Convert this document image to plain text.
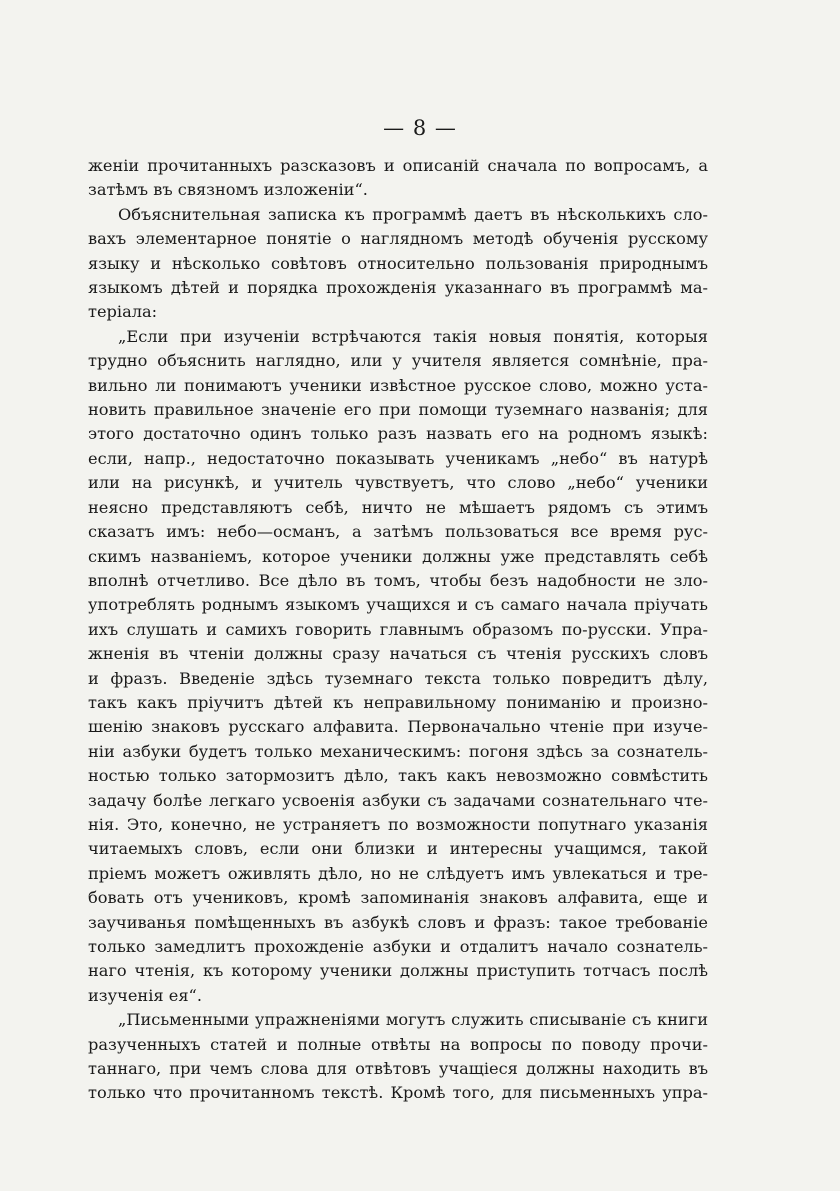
— 8 —

женіи прочитанныхъ разсказовъ и описаній сначала по вопросамъ, а
затѣмъ въ связномъ изложеніи“.

Объяснительная записка къ программѣ даетъ въ нѣсколькихъ сло-
вахъ элементарное понятіе о наглядномъ методѣ обученія русскому
языку и нѣсколько совѣтовъ относительно пользованія природнымъ
языкомъ дѣтей и порядка прохожденія указаннаго въ программѣ ма-
теріала:

„Если при изученіи встрѣчаются такія новыя понятія, которыя
трудно объяснить наглядно, или у учителя является сомнѣніе, пра-
вильно ли понимаютъ ученики извѣстное русское слово, можно уста-
новить правильное значеніе его при помощи туземнаго названія; для
этого достаточно одинъ только разъ назвать его на родномъ языкѣ:
если, напр., недостаточно показывать ученикамъ „небо“ въ натурѣ
или на рисункѣ, и учитель чувствуетъ, что слово „небо“ ученики
неясно представляютъ себѣ, ничто не мѣшаетъ рядомъ съ этимъ
сказатъ имъ: небо—османъ, а затѣмъ пользоваться все время рус-
скимъ названіемъ, которое ученики должны уже представлять себѣ
вполнѣ отчетливо. Все дѣло въ томъ, чтобы безъ надобности не зло-
употреблять роднымъ языкомъ учащихся и съ самаго начала пріучать
ихъ слушать и самихъ говорить главнымъ образомъ по-русски. Упра-
жненія въ чтеніи должны сразу начаться съ чтенія русскихъ словъ
и фразъ. Введеніе здѣсь туземнаго текста только повредитъ дѣлу,
такъ какъ пріучитъ дѣтей къ неправильному пониманію и произно-
шенію знаковъ русскаго алфавита. Первоначально чтеніе при изуче-
ніи азбуки будетъ только механическимъ: погоня здѣсь за сознатель-
ностью только затормозитъ дѣло, такъ какъ невозможно совмѣстить
задачу болѣе легкаго усвоенія азбуки съ задачами сознательнаго чте-
нія. Это, конечно, не устраняетъ по возможности попутнаго указанія
читаемыхъ словъ, если они близки и интересны учащимся, такой
пріемъ можетъ оживлять дѣло, но не слѣдуетъ имъ увлекаться и тре-
бовать отъ учениковъ, кромѣ запоминанія знаковъ алфавита, еще и
заучиванья помѣщенныхъ въ азбукѣ словъ и фразъ: такое требованіе
только замедлитъ прохожденіе азбуки и отдалитъ начало сознатель-
наго чтенія, къ которому ученики должны приступить тотчасъ послѣ
изученія ея“.

„Письменными упражненіями могутъ служить списываніе съ книги
разученныхъ статей и полные отвѣты на вопросы по поводу прочи-
таннаго, при чемъ слова для отвѣтовъ учащіеся должны находить въ
только что прочитанномъ текстѣ. Кромѣ того, для письменныхъ упра-
